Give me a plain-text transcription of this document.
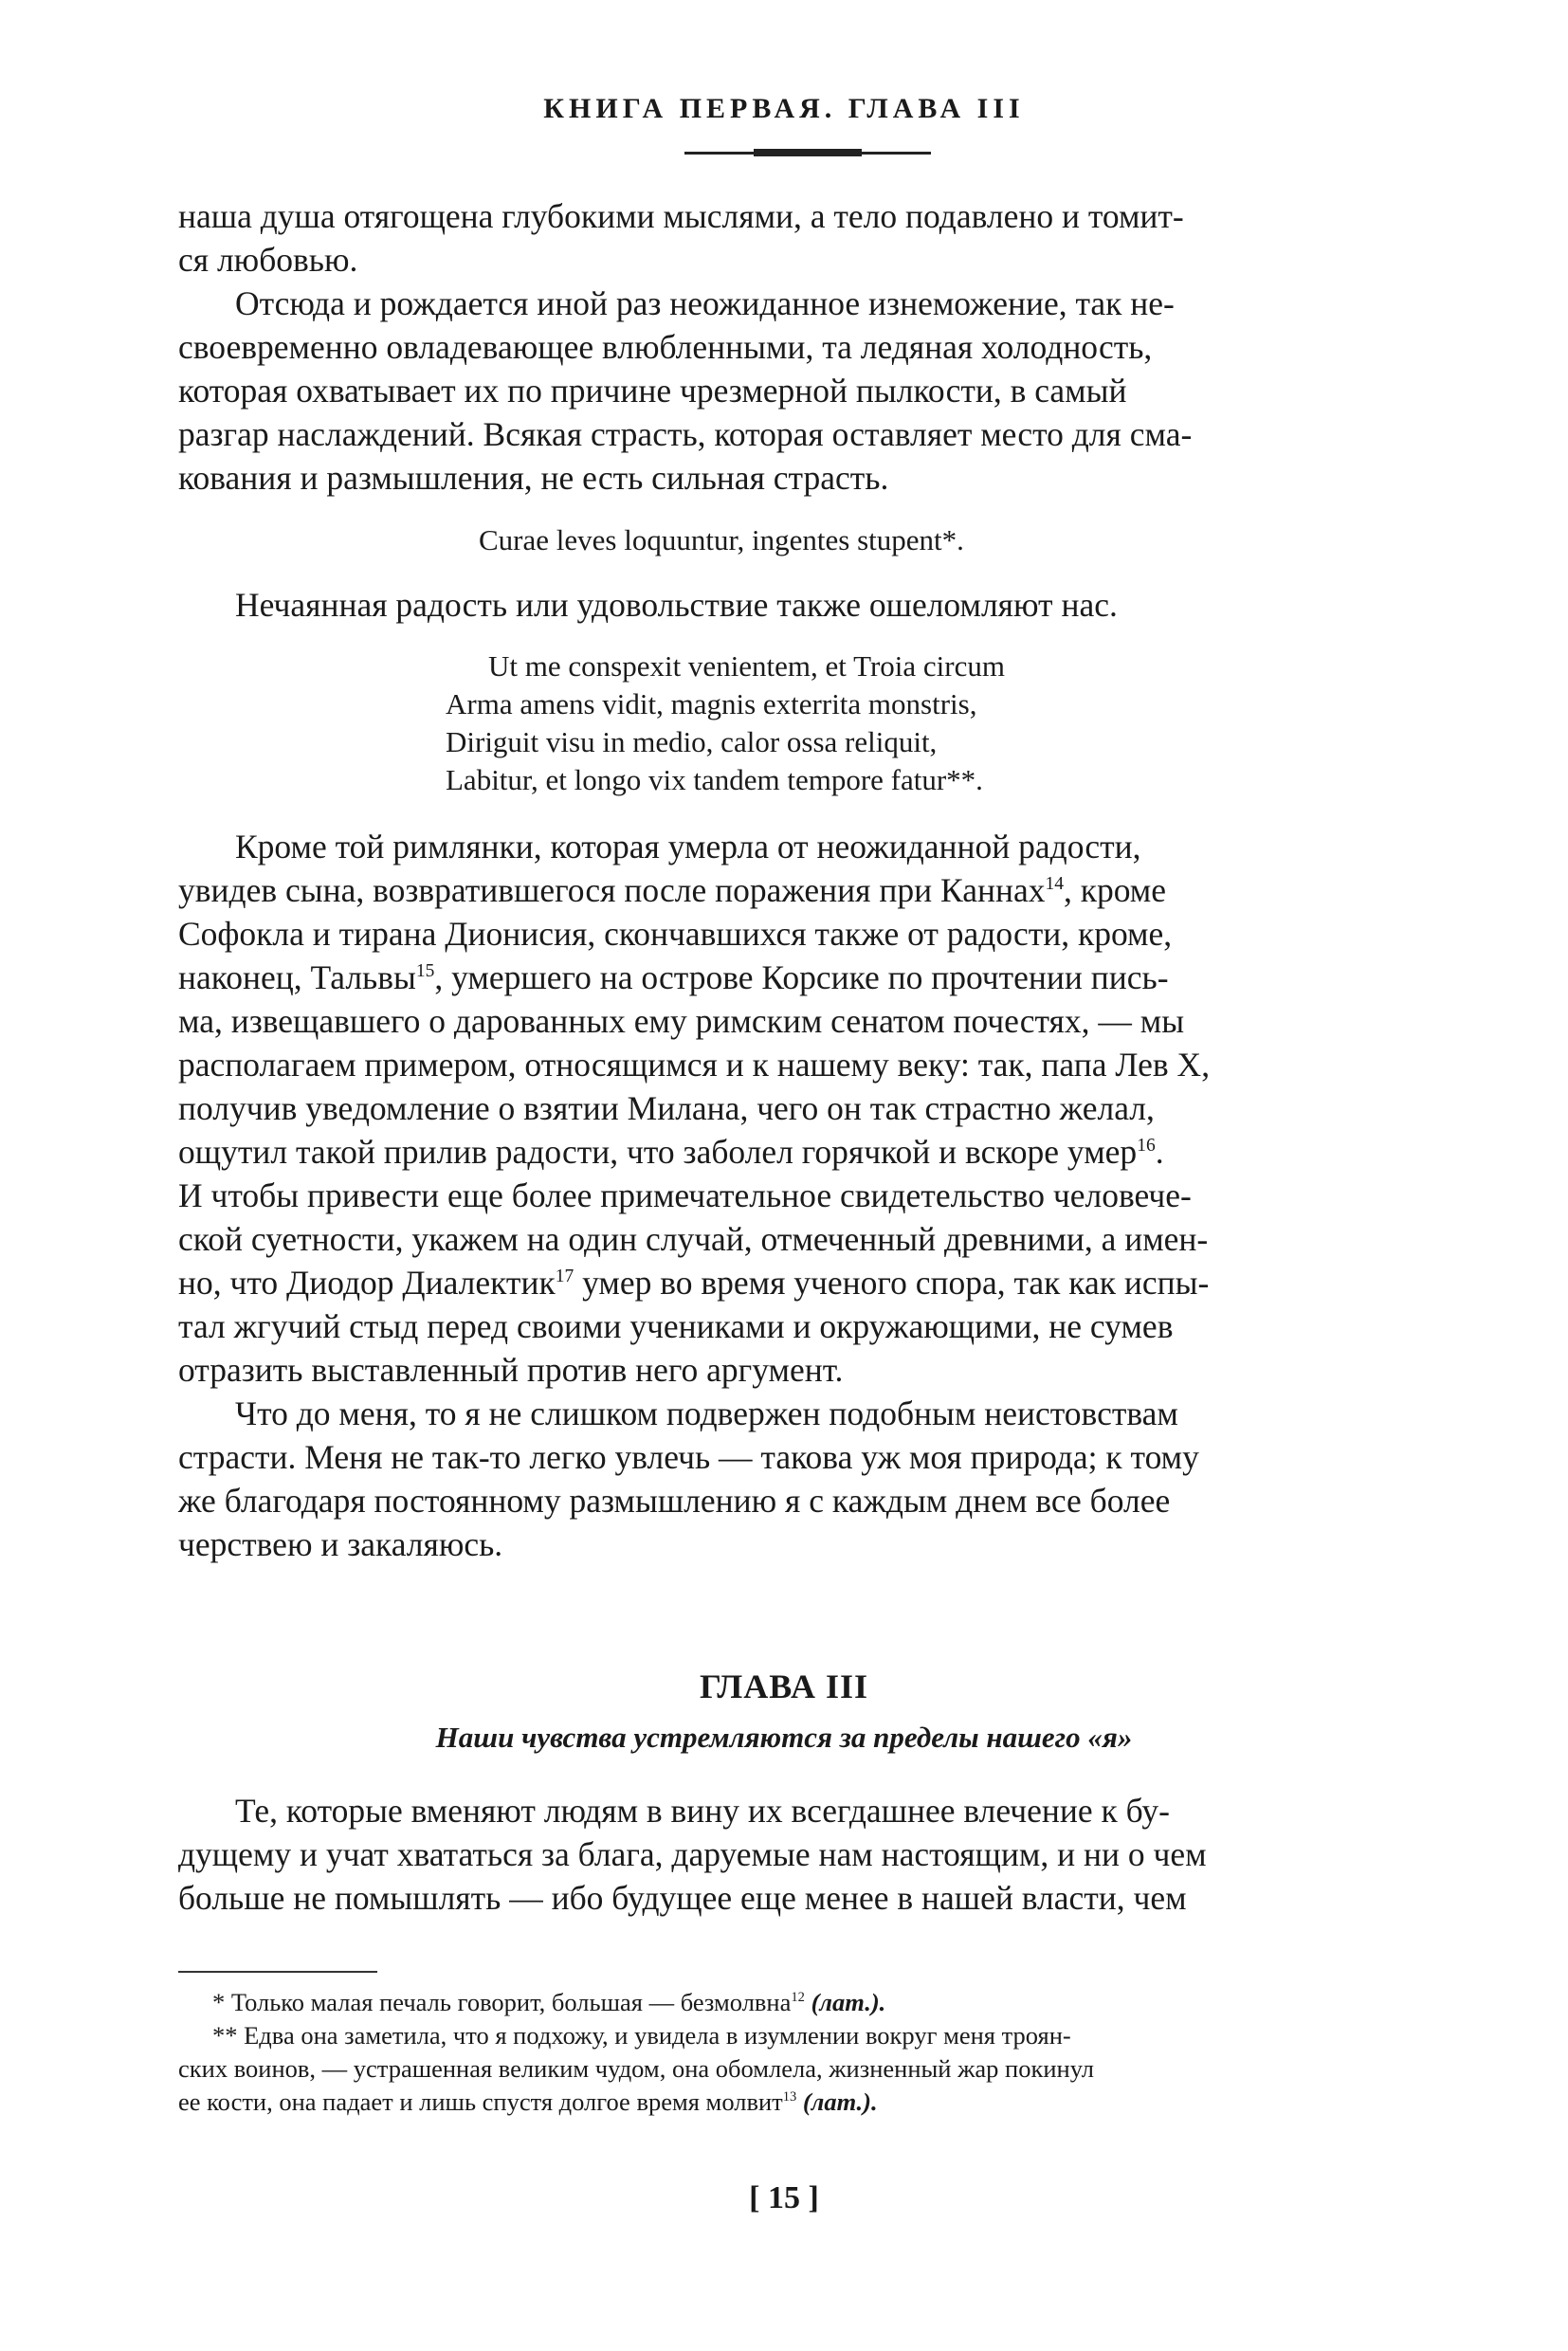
КНИГА ПЕРВАЯ. ГЛАВА III

наша душа отягощена глубокими мыслями, а тело подавлено и томит-

ся любовью.

Отсюда и рождается иной раз неожиданное изнеможение, так не-

своевременно овладевающее влюбленными, та ледяная холодность,

которая охватывает их по причине чрезмерной пылкости, в самый

разгар наслаждений. Всякая страсть, которая оставляет место для сма-

кования и размышления, не есть сильная страсть.

Curae leves loquuntur, ingentes stupent*.

Нечаянная радость или удовольствие также ошеломляют нас.

Ut me conspexit venientem, et Troia circum
Arma amens vidit, magnis exterrita monstris,
Diriguit visu in medio, calor ossa reliquit,
Labitur, et longo vix tandem tempore fatur**.

Кроме той римлянки, которая умерла от неожиданной радости,

увидев сына, возвратившегося после поражения при Каннах$^{14}$, кроме

Софокла и тирана Дионисия, скончавшихся также от радости, кроме,

наконец, Тальвы$^{15}$, умершего на острове Корсике по прочтении пись-

ма, извещавшего о дарованных ему римским сенатом почестях, — мы

располагаем примером, относящимся и к нашему веку: так, папа Лев X,

получив уведомление о взятии Милана, чего он так страстно желал,

ощутил такой прилив радости, что заболел горячкой и вскоре умер$^{16}$.

И чтобы привести еще более примечательное свидетельство человече-

ской суетности, укажем на один случай, отмеченный древними, а имен-

но, что Диодор Диалектик$^{17}$ умер во время ученого спора, так как испы-

тал жгучий стыд перед своими учениками и окружающими, не сумев

отразить выставленный против него аргумент.

Что до меня, то я не слишком подвержен подобным неистовствам

страсти. Меня не так-то легко увлечь — такова уж моя природа; к тому

же благодаря постоянному размышлению я с каждым днем все более

черствею и закаляюсь.

ГЛАВА III
Наши чувства устремляются за пределы нашего «я»

Те, которые вменяют людям в вину их всегдашнее влечение к бу-

дущему и учат хвататься за блага, даруемые нам настоящим, и ни о чем

больше не помышлять — ибо будущее еще менее в нашей власти, чем

* Только малая печаль говорит, большая — безмолвна$^{12}$ (лат.).

** Едва она заметила, что я подхожу, и увидела в изумлении вокруг меня троян-

ских воинов, — устрашенная великим чудом, она обомлела, жизненный жар покинул

ее кости, она падает и лишь спустя долгое время молвит$^{13}$ (лат.).

[ 15 ]
